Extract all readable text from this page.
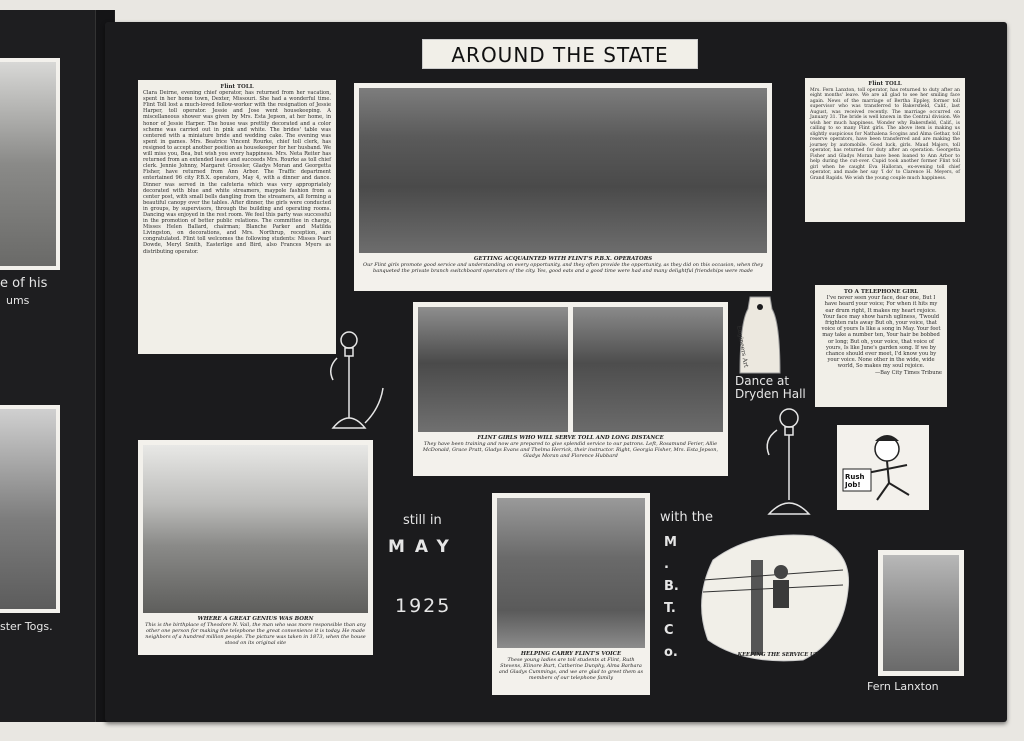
e of his
ums
ster Togs.
AROUND THE STATE
Flint TOLL
Clara Deirne, evening chief operator, has returned from her vacation, spent in her home town, Dexter, Missouri. She had a wonderful time. Flint Toll lost a much-loved fellow-worker with the resignation of Jessie Harper, toll operator. Jessie and Jose went housekeeping. A miscellaneous shower was given by Mrs. Esta Jepson, at her home, in honor of Jessie Harper. The house was prettily decorated and a color scheme was carried out in pink and white. The brides' table was centered with a miniature bride and wedding cake. The evening was spent in games. Mrs. Beatrice Vincent Rourke, chief toll clerk, has resigned to accept another position as housekeeper for her husband. We will miss you, Bea, but wish you every happiness. Mrs. Neta Reiter has returned from an extended leave and succeeds Mrs. Rourke as toll chief clerk. Jennie Johnny, Margaret Grossler, Gladys Moran and Georgetta Fisher, have returned from Ann Arbor. The Traffic department entertained 96 city P.B.X. operators, May 4, with a dinner and dance. Dinner was served in the cafeteria which was very appropriately decorated with blue and white streamers, maypole fashion from a center post, with small bells dangling from the streamers, all forming a beautiful canopy over the tables. After dinner, the girls were conducted in groups, by supervisors, through the building and operating rooms. Dancing was enjoyed in the rest room. We feel this party was successful in the promotion of better public relations. The committee in charge, Misses Helen Ballard, chairman; Blanche Parker and Matilda Livingston, on decorations, and Mrs. Northrup, reception, are congratulated. Flint toll welcomes the following students: Misses Pearl Dowde, Meryl Smith, Easterlige and Bird, also Frances Myers as distributing operator.
GETTING ACQUAINTED WITH FLINT'S P.B.X. OPERATORS
Our Flint girls promote good service and understanding on every opportunity, and they often provide the opportunity, as they did on this occasion, when they banqueted the private branch switchboard operators of the city. Yes, good eats and a good time were had and many delightful friendships were made
Flint TOLL
Mrs. Fern Lanxton, toll operator, has returned to duty after an eight months' leave. We are all glad to see her smiling face again. News of the marriage of Bertha Eppley, former toll supervisor who was transferred to Bakersfield, Calif., last August, was received recently. The marriage occurred on January 31. The bride is well known in the Central division. We wish her much happiness. Wonder why Bakersfield, Calif., is calling to so many Flint girls. The above item is making us slightly suspicious for Nathalena Scogins and Alma Gethar, toll reserve operators, have been transferred and are making the journey by automobile. Good luck, girls. Maud Majors, toll operator, has returned for duty after an operation. Georgetta Fisher and Gladys Moran have been loaned to Ann Arbor to help during the cut-over. Cupid took another former Flint toll girl when he caught Eva Halloran, ex-evening toll chief operator, and made her say 'I do' to Clarence H. Meyers, of Grand Rapids. We wish the young couple much happiness.
TO A TELEPHONE GIRL
I've never seen your face, dear one, But I have heard your voice; For when it hits my ear drum right, It makes my heart rejoice. Your face may show harsh ugliness, 'Twould frighten rats away But oh, your voice, that voice of yours Is like a song in May. Your feet may take a number ten, Your hair be bobbed or long; But oh, your voice, that voice of yours, Is like June's garden song. If we by chance should ever meet, I'd know you by your voice. None other in the wide, wide world, So makes my soul rejoice.
—Bay City Times Tribune
Engineers Art
Dance at
Dryden Hall
FLINT GIRLS WHO WILL SERVE TOLL AND LONG DISTANCE
They have been training and now are prepared to give splendid service to our patrons. Left, Rosamund Ferier, Allie McDonald, Grace Pratt, Gladys Evans and Thelma Herrick, their instructor. Right, Georgia Fisher, Mrs. Esta Jepson, Gladys Moran and Florence Hubbard
Rush Job!
WHERE A GREAT GENIUS WAS BORN
This is the birthplace of Theodore N. Vail, the man who was more responsible than any other one person for making the telephone the great convenience it is today. He made neighbors of a hundred million people. The picture was taken in 1873, when the house stood on its original site
still in
MAY
1925
HELPING CARRY FLINT'S VOICE
These young ladies are toll students at Flint, Ruth Stevens, Elinore Burt, Catherine Dunphy, Alma Barbara and Gladys Cummings, and we are glad to greet them as members of our telephone family
with the
M. B. T. Co.	KEEPING THE SERVICE UP
Fern Lanxton
